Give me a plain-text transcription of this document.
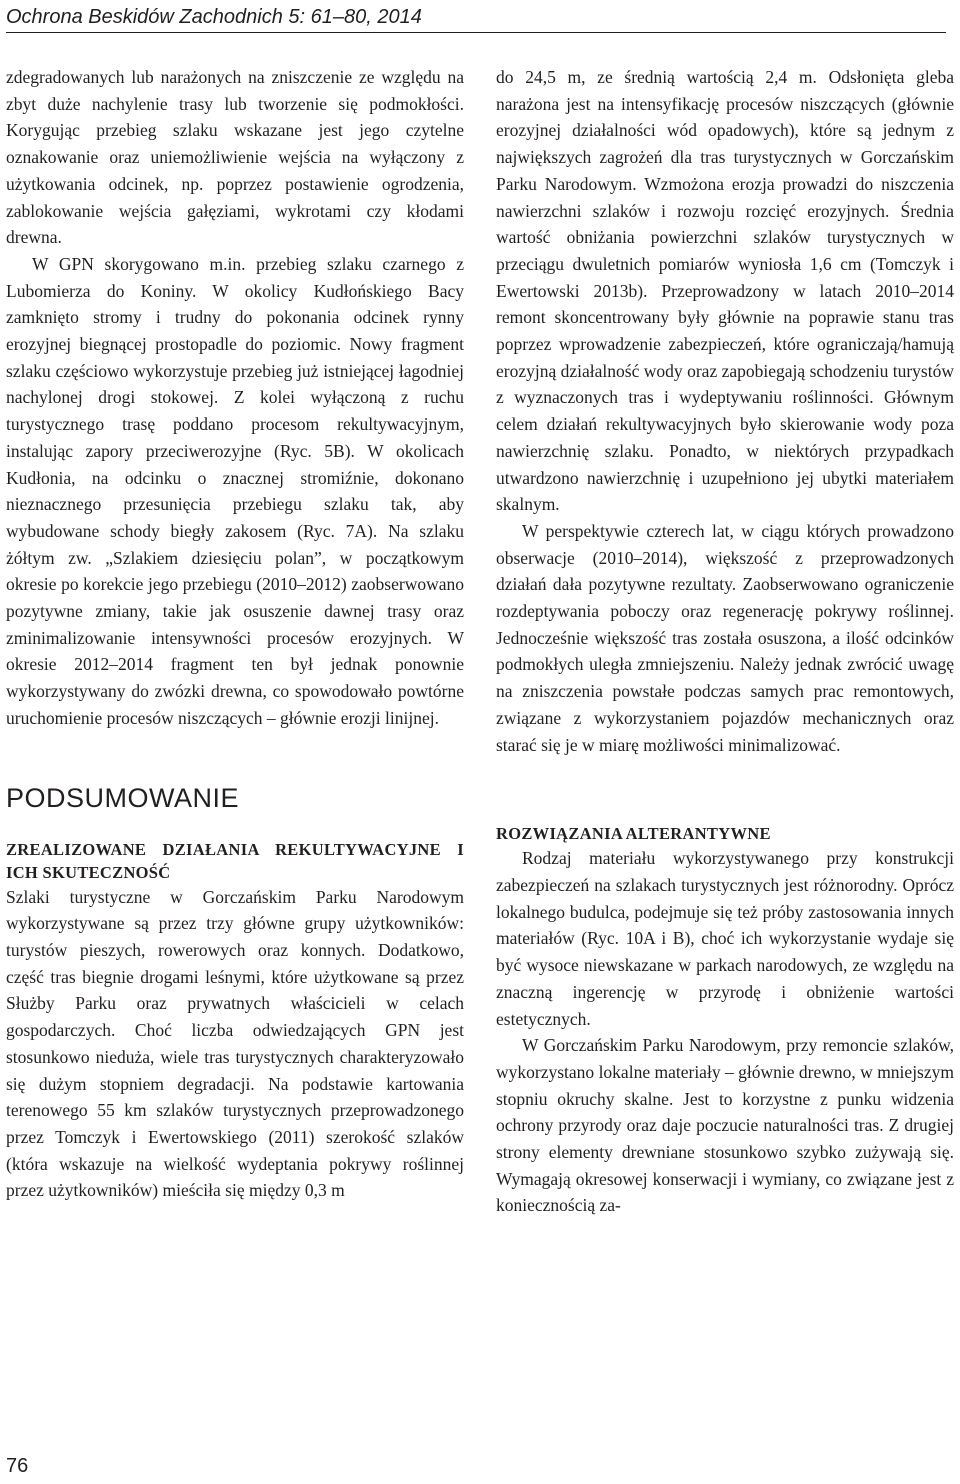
Ochrona Beskidów Zachodnich 5: 61–80, 2014

zdegradowanych lub narażonych na zniszczenie ze względu na zbyt duże nachylenie trasy lub tworzenie się podmokłości. Korygując przebieg szlaku wskazane jest jego czytelne oznakowanie oraz uniemożliwienie wejścia na wyłączony z użytkowania odcinek, np. poprzez postawienie ogrodzenia, zablokowanie wejścia gałęziami, wykrotami czy kłodami drewna.

W GPN skorygowano m.in. przebieg szlaku czarnego z Lubomierza do Koniny. W okolicy Kudłońskiego Bacy zamknięto stromy i trudny do pokonania odcinek rynny erozyjnej biegnącej prostopadle do poziomic. Nowy fragment szlaku częściowo wykorzystuje przebieg już istniejącej łagodniej nachylonej drogi stokowej. Z kolei wyłączoną z ruchu turystycznego trasę poddano procesom rekultywacyjnym, instalując zapory przeciwerozyjne (Ryc. 5B). W okolicach Kudłonia, na odcinku o znacznej stromiźnie, dokonano nieznacznego przesunięcia przebiegu szlaku tak, aby wybudowane schody biegły zakosem (Ryc. 7A). Na szlaku żółtym zw. „Szlakiem dziesięciu polan”, w początkowym okresie po korekcie jego przebiegu (2010–2012) zaobserwowano pozytywne zmiany, takie jak osuszenie dawnej trasy oraz zminimalizowanie intensywności procesów erozyjnych. W okresie 2012–2014 fragment ten był jednak ponownie wykorzystywany do zwózki drewna, co spowodowało powtórne uruchomienie procesów niszczących – głównie erozji linijnej.

PODSUMOWANIE
ZREALIZOWANE DZIAŁANIA REKULTYWACYJNE I ICH SKUTECZNOŚĆ

Szlaki turystyczne w Gorczańskim Parku Narodowym wykorzystywane są przez trzy główne grupy użytkowników: turystów pieszych, rowerowych oraz konnych. Dodatkowo, część tras biegnie drogami leśnymi, które użytkowane są przez Służby Parku oraz prywatnych właścicieli w celach gospodarczych. Choć liczba odwiedzających GPN jest stosunkowo nieduża, wiele tras turystycznych charakteryzowało się dużym stopniem degradacji. Na podstawie kartowania terenowego 55 km szlaków turystycznych przeprowadzonego przez Tomczyk i Ewertowskiego (2011) szerokość szlaków (która wskazuje na wielkość wydeptania pokrywy roślinnej przez użytkowników) mieściła się między 0,3 m

do 24,5 m, ze średnią wartością 2,4 m. Odsłonięta gleba narażona jest na intensyfikację procesów niszczących (głównie erozyjnej działalności wód opadowych), które są jednym z największych zagrożeń dla tras turystycznych w Gorczańskim Parku Narodowym. Wzmożona erozja prowadzi do niszczenia nawierzchni szlaków i rozwoju rozcięć erozyjnych. Średnia wartość obniżania powierzchni szlaków turystycznych w przeciągu dwuletnich pomiarów wyniosła 1,6 cm (Tomczyk i Ewertowski 2013b). Przeprowadzony w latach 2010–2014 remont skoncentrowany były głównie na poprawie stanu tras poprzez wprowadzenie zabezpieczeń, które ograniczają/hamują erozyjną działalność wody oraz zapobiegają schodzeniu turystów z wyznaczonych tras i wydeptywaniu roślinności. Głównym celem działań rekultywacyjnych było skierowanie wody poza nawierzchnię szlaku. Ponadto, w niektórych przypadkach utwardzono nawierzchnię i uzupełniono jej ubytki materiałem skalnym.

W perspektywie czterech lat, w ciągu których prowadzono obserwacje (2010–2014), większość z przeprowadzonych działań dała pozytywne rezultaty. Zaobserwowano ograniczenie rozdeptywania poboczy oraz regenerację pokrywy roślinnej. Jednocześnie większość tras została osuszona, a ilość odcinków podmokłych uległa zmniejszeniu. Należy jednak zwrócić uwagę na zniszczenia powstałe podczas samych prac remontowych, związane z wykorzystaniem pojazdów mechanicznych oraz starać się je w miarę możliwości minimalizować.

ROZWIĄZANIA ALTERANTYWNE

Rodzaj materiału wykorzystywanego przy konstrukcji zabezpieczeń na szlakach turystycznych jest różnorodny. Oprócz lokalnego budulca, podejmuje się też próby zastosowania innych materiałów (Ryc. 10A i B), choć ich wykorzystanie wydaje się być wysoce niewskazane w parkach narodowych, ze względu na znaczną ingerencję w przyrodę i obniżenie wartości estetycznych.

W Gorczańskim Parku Narodowym, przy remoncie szlaków, wykorzystano lokalne materiały – głównie drewno, w mniejszym stopniu okruchy skalne. Jest to korzystne z punku widzenia ochrony przyrody oraz daje poczucie naturalności tras. Z drugiej strony elementy drewniane stosunkowo szybko zużywają się. Wymagają okresowej konserwacji i wymiany, co związane jest z koniecznością za-

76
